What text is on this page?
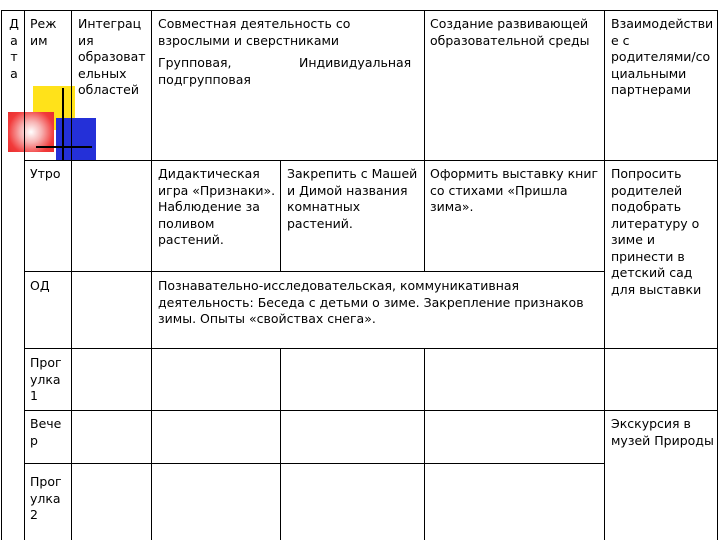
Д
а
т
а
Реж
им
Интеграц
ия
образоват
ельных
областей
Совместная деятельность со
взрослыми и сверстниками
Групповая,
подгрупповая
Индивидуальная
Создание развивающей
образовательной среды
Взаимодействи
е с
родителями/со
циальными
партнерами
Утро	Дидактическая
игра «Признаки».
Наблюдение за
поливом
растений.
Закрепить с Машей
и Димой названия
комнатных
растений.
Оформить выставку книг
со стихами «Пришла
зима».
Попросить
родителей
подобрать
литературу о
зиме и
принести в
детский сад
для выставки
ОД	Познавательно-исследовательская, коммуникативная
деятельность: Беседа с детьми о зиме. Закрепление признаков
зимы. Опыты «свойствах снега».
Прог
улка
1
Вече
р
Экскурсия в
музей Природы
Прог
улка
2
